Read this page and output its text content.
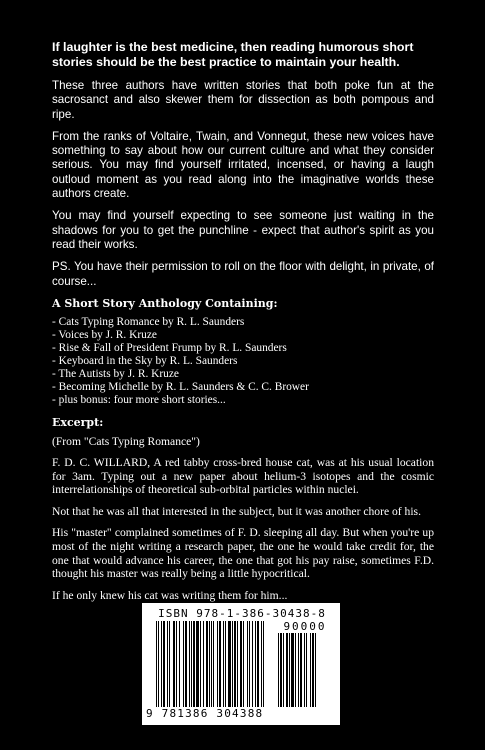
If laughter is the best medicine, then reading humorous short stories should be the best practice to maintain your health.

These three authors have written stories that both poke fun at the sacrosanct and also skewer them for dissection as both pompous and ripe.

From the ranks of Voltaire, Twain, and Vonnegut, these new voices have something to say about how our current culture and what they consider serious. You may find yourself irritated, incensed, or having a laugh outloud moment as you read along into the imaginative worlds these authors create.

You may find yourself expecting to see someone just waiting in the shadows for you to get the punchline - expect that author's spirit as you read their works.

PS. You have their permission to roll on the floor with delight, in private, of course...

A Short Story Anthology Containing:

- Cats Typing Romance by R. L. Saunders
- Voices by J. R. Kruze
- Rise & Fall of President Frump by R. L. Saunders
- Keyboard in the Sky by R. L. Saunders
- The Autists by J. R. Kruze
- Becoming Michelle by R. L. Saunders & C. C. Brower
- plus bonus: four more short stories...

Excerpt:

(From "Cats Typing Romance")

F. D. C. WILLARD, A red tabby cross-bred house cat, was at his usual location for 3am. Typing out a new paper about helium-3 isotopes and the cosmic interrelationships of theoretical sub-orbital particles within nuclei.

Not that he was all that interested in the subject, but it was another chore of his.

His "master" complained sometimes of F. D. sleeping all day. But when you're up most of the night writing a research paper, the one he would take credit for, the one that would advance his career, the one that got his pay raise, sometimes F.D. thought his master was really being a little hypocritical.

If he only knew his cat was writing them for him...

ISBN 978-1-386-30438-8
90000
9 781386 304388
